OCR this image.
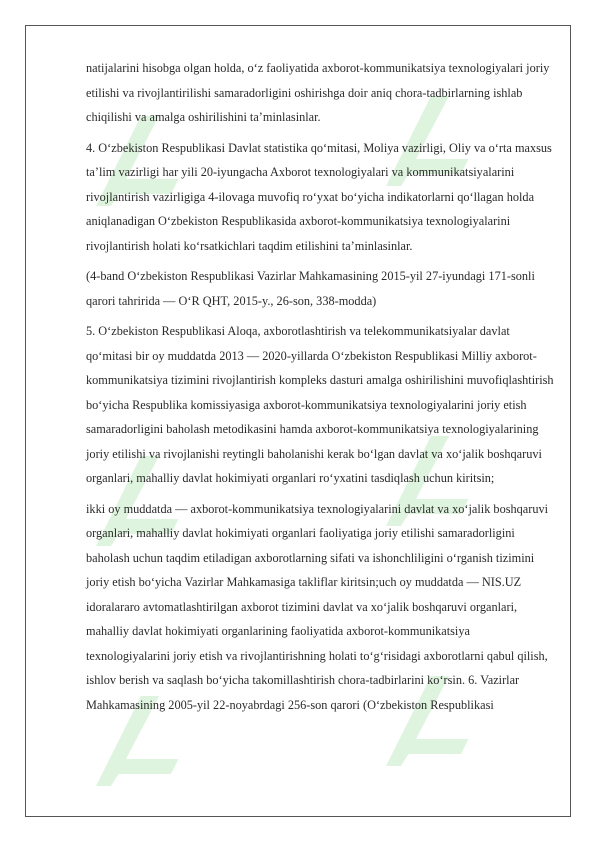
natijalarini hisobga olgan holda, oʻz faoliyatida axborot-kommunikatsiya texnologiyalari joriy etilishi va rivojlantirilishi samaradorligini oshirishga doir aniq chora-tadbirlarning ishlab chiqilishi va amalga oshirilishini taʼminlasinlar.

4. Oʻzbekiston Respublikasi Davlat statistika qoʻmitasi, Moliya vazirligi, Oliy va oʻrta maxsus taʼlim vazirligi har yili 20-iyungacha Axborot texnologiyalari va kommunikatsiyalarini rivojlantirish vazirligiga 4-ilovaga muvofiq roʻyxat boʻyicha indikatorlarni qoʻllagan holda aniqlanadigan Oʻzbekiston Respublikasida axborot-kommunikatsiya texnologiyalarini rivojlantirish holati koʻrsatkichlari taqdim etilishini taʼminlasinlar.

(4-band Oʻzbekiston Respublikasi Vazirlar Mahkamasining 2015-yil 27-iyundagi 171-sonli qarori tahririda — OʻR QHT, 2015-y., 26-son, 338-modda)

5. Oʻzbekiston Respublikasi Aloqa, axborotlashtirish va telekommunikatsiyalar davlat qoʻmitasi bir oy muddatda 2013 — 2020-yillarda Oʻzbekiston Respublikasi Milliy axborot-kommunikatsiya tizimini rivojlantirish kompleks dasturi amalga oshirilishini muvofiqlashtirish boʻyicha Respublika komissiyasiga axborot-kommunikatsiya texnologiyalarini joriy etish samaradorligini baholash metodikasini hamda axborot-kommunikatsiya texnologiyalarining joriy etilishi va rivojlanishi reytingli baholanishi kerak boʻlgan davlat va xoʻjalik boshqaruvi organlari, mahalliy davlat hokimiyati organlari roʻyxatini tasdiqlash uchun kiritsin;

ikki oy muddatda — axborot-kommunikatsiya texnologiyalarini davlat va xoʻjalik boshqaruvi organlari, mahalliy davlat hokimiyati organlari faoliyatiga joriy etilishi samaradorligini baholash uchun taqdim etiladigan axborotlarning sifati va ishonchliligini oʻrganish tizimini joriy etish boʻyicha Vazirlar Mahkamasiga takliflar kiritsin;uch oy muddatda — NIS.UZ idoralararo avtomatlashtirilgan axborot tizimini davlat va xoʻjalik boshqaruvi organlari, mahalliy davlat hokimiyati organlarining faoliyatida axborot-kommunikatsiya texnologiyalarini joriy etish va rivojlantirishning holati toʻgʻrisidagi axborotlarni qabul qilish, ishlov berish va saqlash boʻyicha takomillashtirish chora-tadbirlarini koʻrsin. 6. Vazirlar Mahkamasining 2005-yil 22-noyabrdagi 256-son qarori (Oʻzbekiston Respublikasi
